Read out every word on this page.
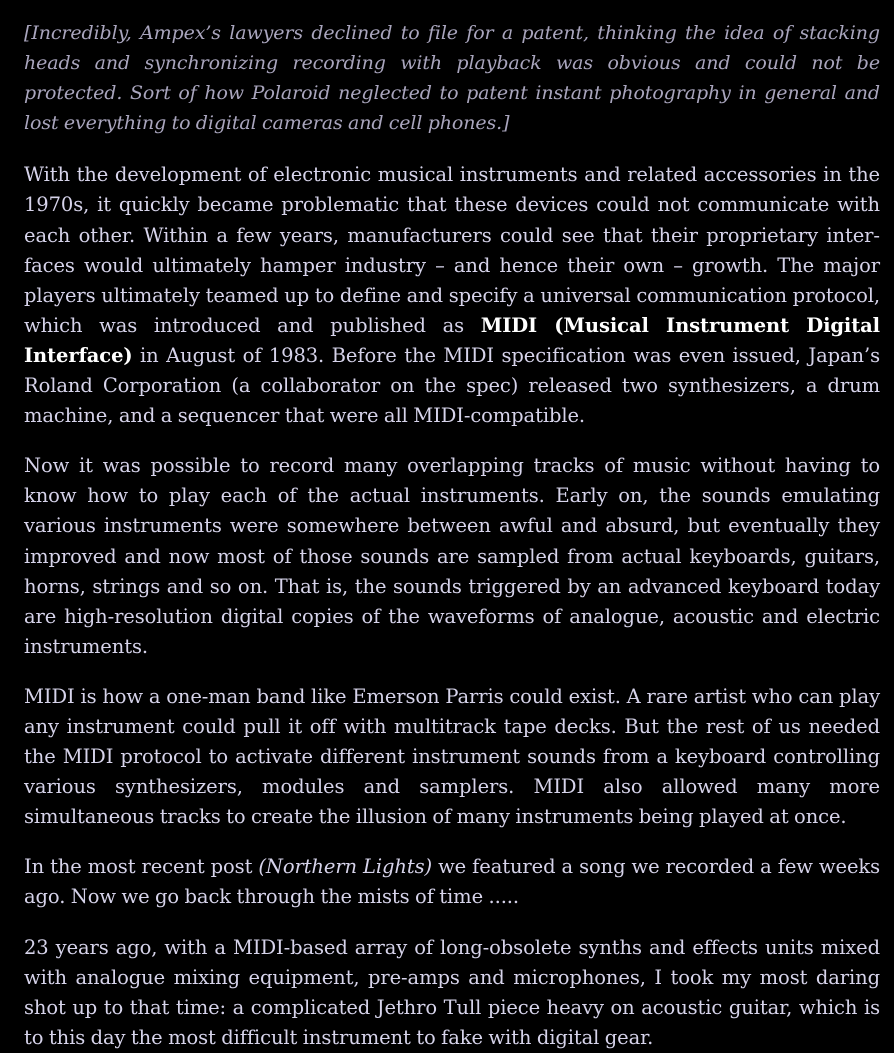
[Incredibly, Ampex’s lawyers declined to file for a patent, thinking the idea of stacking heads and synchronizing recording with playback was obvious and could not be protected. Sort of how Polaroid neglected to patent instant photography in general and lost everything to digital cameras and cell phones.]

With the development of electronic musical instruments and related accessories in the 1970s, it quickly became problematic that these devices could not communicate with each other. Within a few years, manufacturers could see that their proprietary interfaces would ultimately hamper industry – and hence their own – growth. The major players ultimately teamed up to define and specify a universal communication protocol, which was introduced and published as MIDI (Musical Instrument Digital Interface) in August of 1983. Before the MIDI specification was even issued, Japan’s Roland Corporation (a collaborator on the spec) released two synthesizers, a drum machine, and a sequencer that were all MIDI-compatible.

Now it was possible to record many overlapping tracks of music without having to know how to play each of the actual instruments. Early on, the sounds emulating various instruments were somewhere between awful and absurd, but eventually they improved and now most of those sounds are sampled from actual keyboards, guitars, horns, strings and so on. That is, the sounds triggered by an advanced keyboard today are high-resolution digital copies of the waveforms of analogue, acoustic and electric instruments.

MIDI is how a one-man band like Emerson Parris could exist. A rare artist who can play any instrument could pull it off with multitrack tape decks. But the rest of us needed the MIDI protocol to activate different instrument sounds from a keyboard controlling various synthesizers, modules and samplers. MIDI also allowed many more simultaneous tracks to create the illusion of many instruments being played at once.

In the most recent post (Northern Lights) we featured a song we recorded a few weeks ago. Now we go back through the mists of time .....

23 years ago, with a MIDI-based array of long-obsolete synths and effects units mixed with analogue mixing equipment, pre-amps and microphones, I took my most daring shot up to that time: a complicated Jethro Tull piece heavy on acoustic guitar, which is to this day the most difficult instrument to fake with digital gear.
